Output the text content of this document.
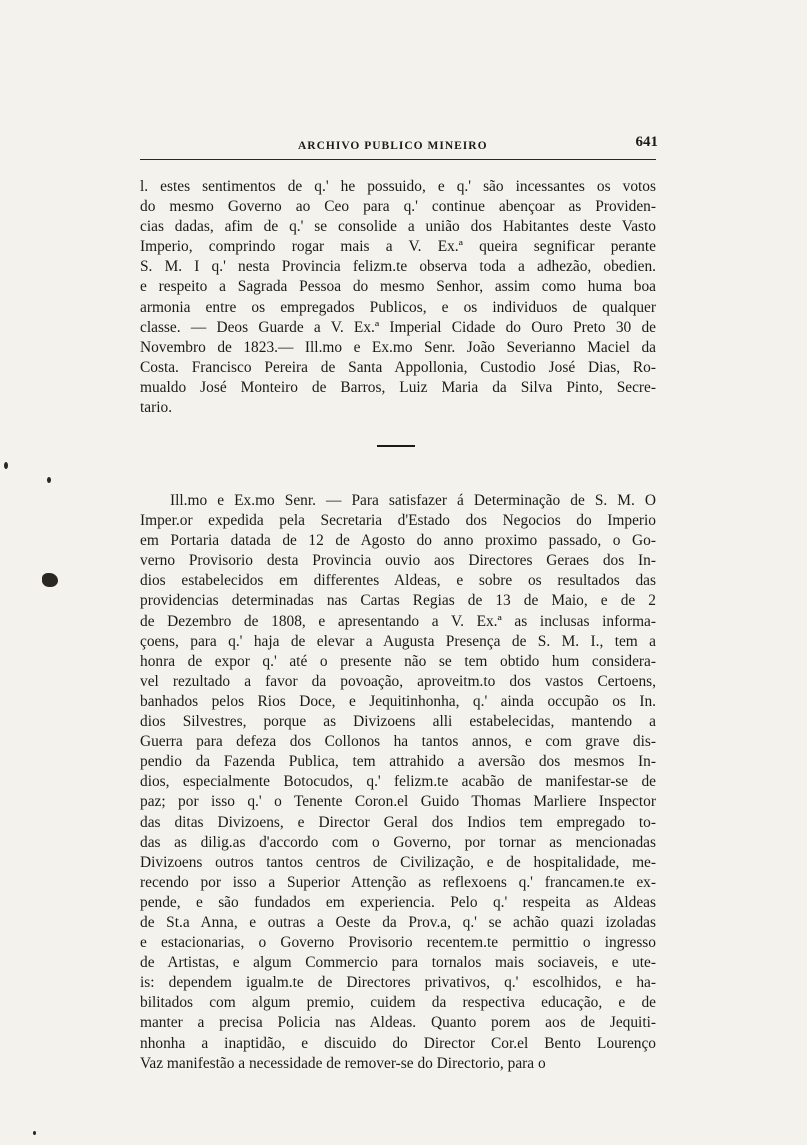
ARCHIVO PUBLICO MINEIRO	641
l. estes sentimentos de q.' he possuido, e q.' são incessantes os votos
do mesmo Governo ao Ceo para q.' continue abençoar as Providen-
cias dadas, afim de q.' se consolide a união dos Habitantes deste Vasto
Imperio, comprindo rogar mais a V. Ex.ª queira segnificar perante
S. M. I q.' nesta Provincia felizm.te observa toda a adhezão, obedien.
e respeito a Sagrada Pessoa do mesmo Senhor, assim como huma boa
armonia entre os empregados Publicos, e os individuos de qualquer
classe. — Deos Guarde a V. Ex.ª Imperial Cidade do Ouro Preto 30 de
Novembro de 1823.— Ill.mo e Ex.mo Senr. João Severianno Maciel da
Costa. Francisco Pereira de Santa Appollonia, Custodio José Dias, Ro-
mualdo José Monteiro de Barros, Luiz Maria da Silva Pinto, Secre-
tario.
Ill.mo e Ex.mo Senr. — Para satisfazer á Determinação de S. M. O
Imper.or expedida pela Secretaria d'Estado dos Negocios do Imperio
em Portaria datada de 12 de Agosto do anno proximo passado, o Go-
verno Provisorio desta Provincia ouvio aos Directores Geraes dos In-
dios estabelecidos em differentes Aldeas, e sobre os resultados das
providencias determinadas nas Cartas Regias de 13 de Maio, e de 2
de Dezembro de 1808, e apresentando a V. Ex.ª as inclusas informa-
çoens, para q.' haja de elevar a Augusta Presença de S. M. I., tem a
honra de expor q.' até o presente não se tem obtido hum considera-
vel rezultado a favor da povoação, aproveitm.to dos vastos Certoens,
banhados pelos Rios Doce, e Jequitinhonha, q.' ainda occupão os In.
dios Silvestres, porque as Divizoens alli estabelecidas, mantendo a
Guerra para defeza dos Collonos ha tantos annos, e com grave dis-
pendio da Fazenda Publica, tem attrahido a aversão dos mesmos In-
dios, especialmente Botocudos, q.' felizm.te acabão de manifestar-se de
paz; por isso q.' o Tenente Coron.el Guido Thomas Marliere Inspector
das ditas Divizoens, e Director Geral dos Indios tem empregado to-
das as dilig.as d'accordo com o Governo, por tornar as mencionadas
Divizoens outros tantos centros de Civilização, e de hospitalidade, me-
recendo por isso a Superior Attenção as reflexoens q.' francamen.te ex-
pende, e são fundados em experiencia. Pelo q.' respeita as Aldeas
de St.a Anna, e outras a Oeste da Prov.a, q.' se achão quazi izoladas
e estacionarias, o Governo Provisorio recentem.te permittio o ingresso
de Artistas, e algum Commercio para tornalos mais sociaveis, e ute-
is: dependem igualm.te de Directores privativos, q.' escolhidos, e ha-
bilitados com algum premio, cuidem da respectiva educação, e de
manter a precisa Policia nas Aldeas. Quanto porem aos de Jequiti-
nhonha a inaptidão, e discuido do Director Cor.el Bento Lourenço
Vaz manifestão a necessidade de remover-se do Directorio, para o
